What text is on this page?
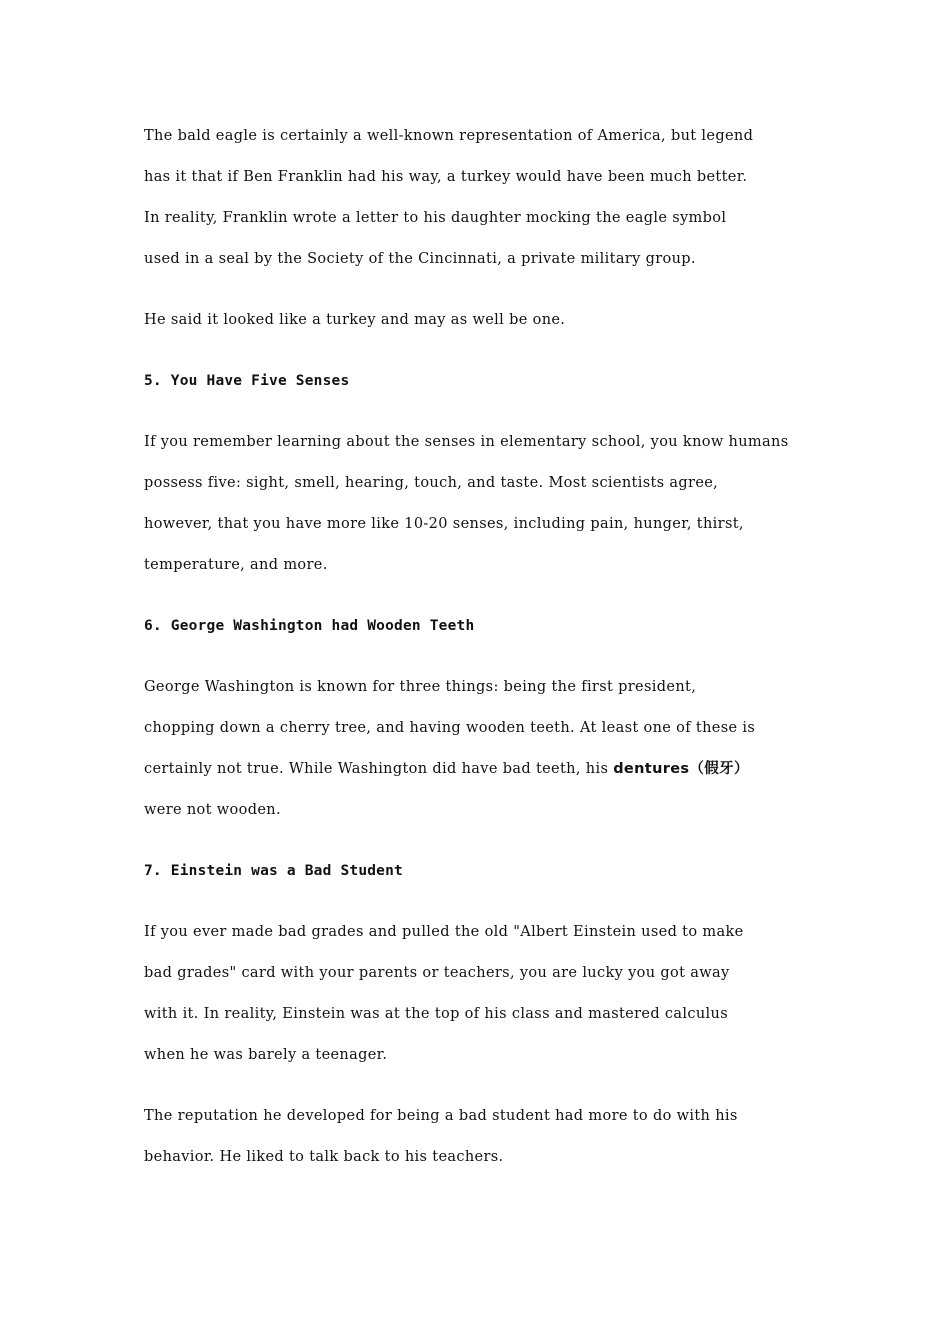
The bald eagle is certainly a well-known representation of America, but legend
has it that if Ben Franklin had his way, a turkey would have been much better.
In reality, Franklin wrote a letter to his daughter mocking the eagle symbol
used in a seal by the Society of the Cincinnati, a private military group.

He said it looked like a turkey and may as well be one.

5. You Have Five Senses

If you remember learning about the senses in elementary school, you know humans
possess five: sight, smell, hearing, touch, and taste. Most scientists agree,
however, that you have more like 10-20 senses, including pain, hunger, thirst,
temperature, and more.

6. George Washington had Wooden Teeth

George Washington is known for three things: being the first president,
chopping down a cherry tree, and having wooden teeth. At least one of these is
certainly not true. While Washington did have bad teeth, his dentures（假牙）
were not wooden.

7. Einstein was a Bad Student

If you ever made bad grades and pulled the old "Albert Einstein used to make
bad grades" card with your parents or teachers, you are lucky you got away
with it. In reality, Einstein was at the top of his class and mastered calculus
when he was barely a teenager.

The reputation he developed for being a bad student had more to do with his
behavior. He liked to talk back to his teachers.
